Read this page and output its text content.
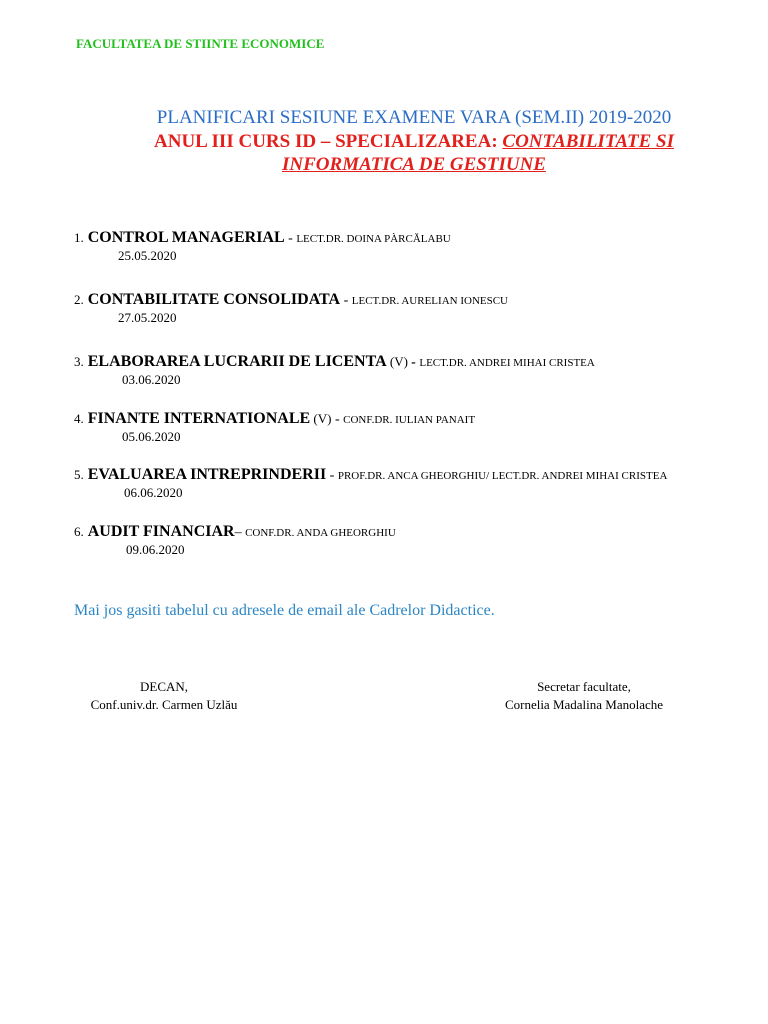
FACULTATEA DE STIINTE ECONOMICE
PLANIFICARI SESIUNE EXAMENE VARA (SEM.II) 2019-2020
ANUL III CURS ID – SPECIALIZAREA: CONTABILITATE SI
INFORMATICA DE GESTIUNE
1. CONTROL MANAGERIAL - LECT.DR. DOINA PÀRCĂLABU
25.05.2020
2. CONTABILITATE CONSOLIDATA - LECT.DR. AURELIAN IONESCU
27.05.2020
3. ELABORAREA LUCRARII DE LICENTA (V) - LECT.DR. ANDREI MIHAI CRISTEA
03.06.2020
4. FINANTE INTERNATIONALE (V) - CONF.DR. IULIAN PANAIT
05.06.2020
5. EVALUAREA INTREPRINDERII - PROF.DR. ANCA GHEORGHIU/ LECT.DR. ANDREI MIHAI CRISTEA
06.06.2020
6. AUDIT FINANCIAR– CONF.DR. ANDA GHEORGHIU
09.06.2020
Mai jos gasiti tabelul cu adresele de email ale Cadrelor Didactice.
DECAN,
Conf.univ.dr. Carmen Uzlău
Secretar facultate,
Cornelia Madalina Manolache
